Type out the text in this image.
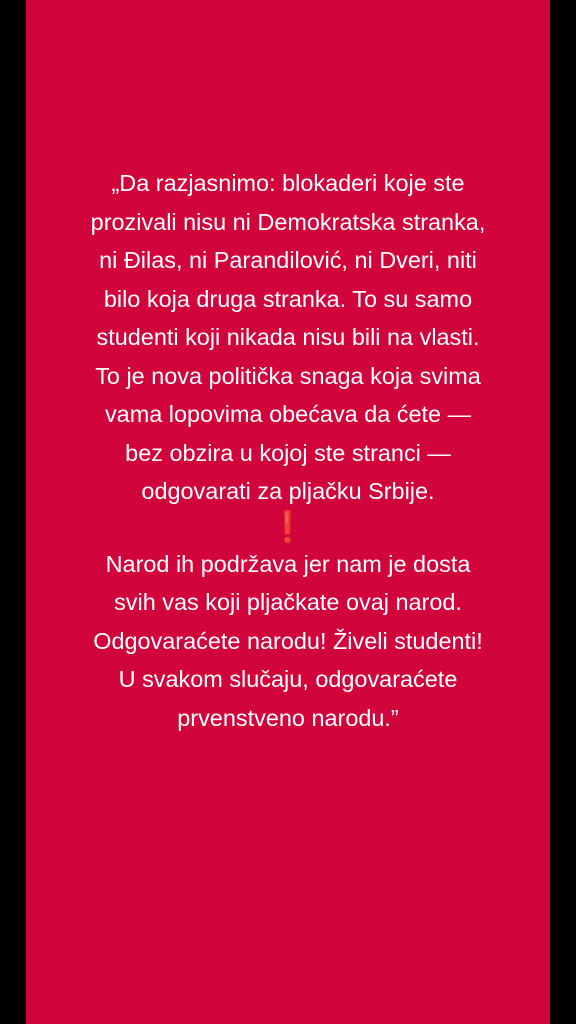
„Da razjasnimo: blokaderi koje ste
prozivali nisu ni Demokratska stranka,
ni Đilas, ni Parandilović, ni Dveri, niti
bilo koja druga stranka. To su samo
studenti koji nikada nisu bili na vlasti.
To je nova politička snaga koja svima
vama lopovima obećava da ćete —
bez obzira u kojoj ste stranci —
odgovarati za pljačku Srbije.
❗
Narod ih podržava jer nam je dosta
svih vas koji pljačkate ovaj narod.
Odgovaraćete narodu! Živeli studenti!
U svakom slučaju, odgovaraćete
prvenstveno narodu.”
